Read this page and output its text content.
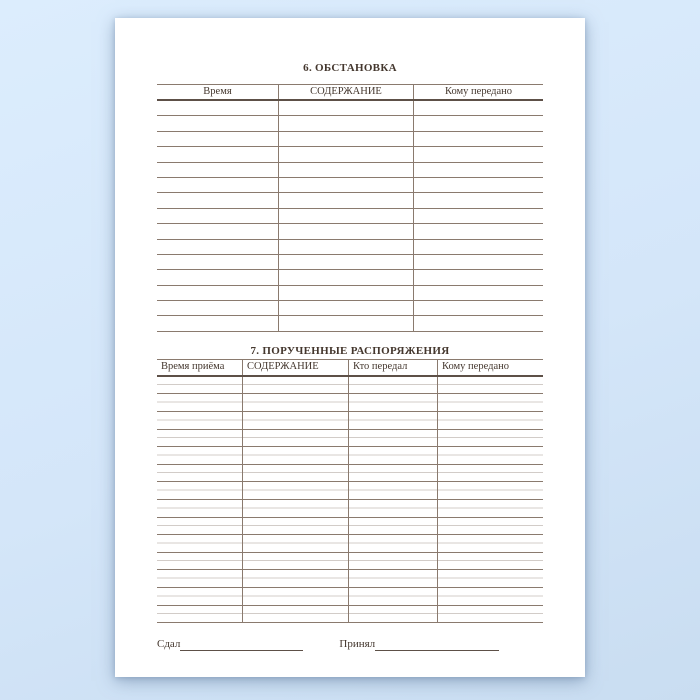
6. ОБСТАНОВКА
Время	СОДЕРЖАНИЕ	Кому передано
7. ПОРУЧЕННЫЕ РАСПОРЯЖЕНИЯ
Время приёма	СОДЕРЖАНИЕ	Кто передал	Кому передано
Сдал	Принял
